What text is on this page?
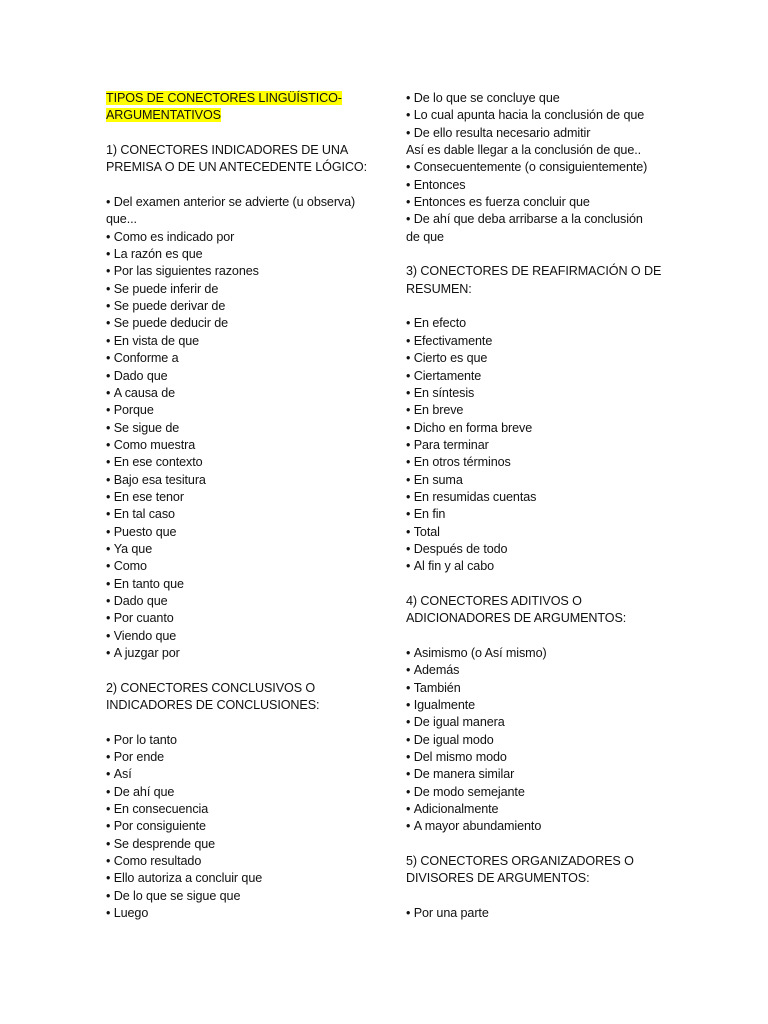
TIPOS DE CONECTORES LINGÜÍSTICO-
ARGUMENTATIVOS
1) CONECTORES INDICADORES DE UNA
PREMISA O DE UN ANTECEDENTE LÓGICO:
• Del examen anterior se advierte (u observa)
que...
• Como es indicado por
• La razón es que
• Por las siguientes razones
• Se puede inferir de
• Se puede derivar de
• Se puede deducir de
• En vista de que
• Conforme a
• Dado que
• A causa de
• Porque
• Se sigue de
• Como muestra
• En ese contexto
• Bajo esa tesitura
• En ese tenor
• En tal caso
• Puesto que
• Ya que
• Como
• En tanto que
• Dado que
• Por cuanto
• Viendo que
• A juzgar por
2) CONECTORES CONCLUSIVOS O
INDICADORES DE CONCLUSIONES:
• Por lo tanto
• Por ende
• Así
• De ahí que
• En consecuencia
• Por consiguiente
• Se desprende que
• Como resultado
• Ello autoriza a concluir que
• De lo que se sigue que
• Luego
• De lo que se concluye que
• Lo cual apunta hacia la conclusión de que
• De ello resulta necesario admitir
Así es dable llegar a la conclusión de que..
• Consecuentemente (o consiguientemente)
• Entonces
• Entonces es fuerza concluir que
• De ahí que deba arribarse a la conclusión
de que
3) CONECTORES DE REAFIRMACIÓN O DE
RESUMEN:
• En efecto
• Efectivamente
• Cierto es que
• Ciertamente
• En síntesis
• En breve
• Dicho en forma breve
• Para terminar
• En otros términos
• En suma
• En resumidas cuentas
• En fin
• Total
• Después de todo
• Al fin y al cabo
4) CONECTORES ADITIVOS O
ADICIONADORES DE ARGUMENTOS:
• Asimismo (o Así mismo)
• Además
• También
• Igualmente
• De igual manera
• De igual modo
• Del mismo modo
• De manera similar
• De modo semejante
• Adicionalmente
• A mayor abundamiento
5) CONECTORES ORGANIZADORES O
DIVISORES DE ARGUMENTOS:
• Por una parte
